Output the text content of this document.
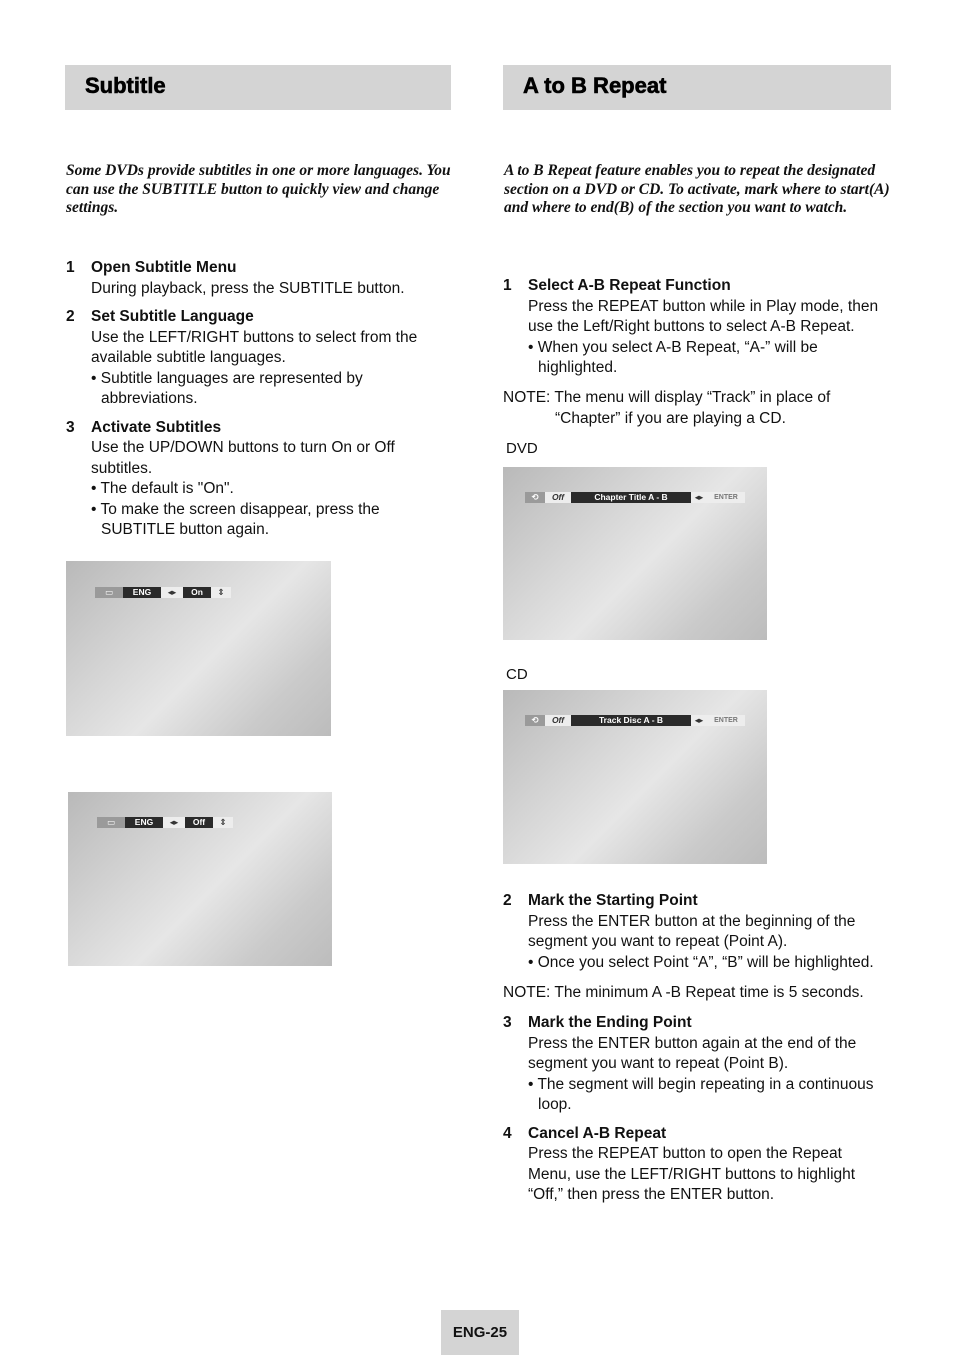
Subtitle	A to B Repeat

Some DVDs provide subtitles in one or more languages. You can use the SUBTITLE button to quickly view and change settings.

A to B Repeat feature enables you to repeat the designated section on a DVD or CD. To activate, mark where to start(A) and where to end(B) of the section you want to watch.

1 Open Subtitle Menu
During playback, press the SUBTITLE button.
2 Set Subtitle Language
Use the LEFT/RIGHT buttons to select from the available subtitle languages.
• Subtitle languages are represented by abbreviations.
3 Activate Subtitles
Use the UP/DOWN buttons to turn On or Off subtitles.
• The default is "On".
• To make the screen disappear, press the SUBTITLE button again.
▭	ENG	◂▸	On	⇕
▭	ENG	◂▸	Off	⇕
1 Select A-B Repeat Function
Press the REPEAT button while in Play mode, then use the Left/Right buttons to select A-B Repeat.
• When you select A-B Repeat, “A-” will be highlighted.

NOTE: The menu will display “Track” in place of
“Chapter” if you are playing a CD.

DVD
⟲	Off	Chapter Title A - B	◂▸	ENTER
CD
⟲	Off	Track Disc A - B	◂▸	ENTER
2 Mark the Starting Point
Press the ENTER button at the beginning of the segment you want to repeat (Point A).
• Once you select Point “A”, “B” will be highlighted.

NOTE: The minimum A -B Repeat time is 5 seconds.

3 Mark the Ending Point
Press the ENTER button again at the end of the segment you want to repeat (Point B).
• The segment will begin repeating in a continuous loop.
4 Cancel A-B Repeat
Press the REPEAT button to open the Repeat Menu, use the LEFT/RIGHT buttons to highlight “Off,” then press the ENTER button.
ENG-25
